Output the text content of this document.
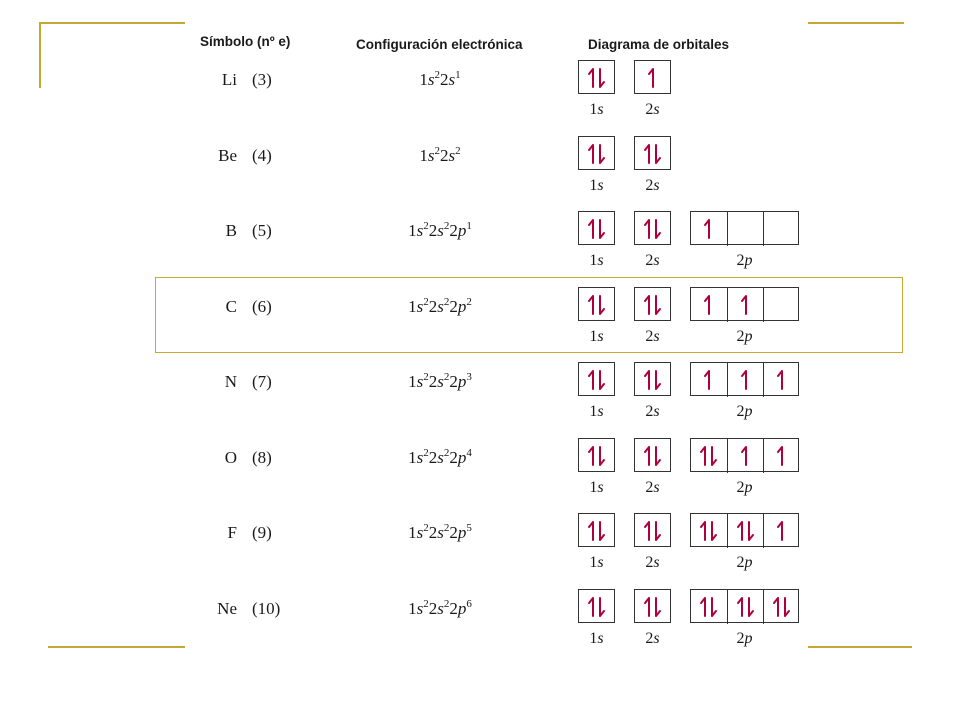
Símbolo (nº e)	Configuración electrónica	Diagrama de orbitales
Li (3)	$1s^22s^1$
1s	2s
Be (4)	$1s^22s^2$
1s	2s
B (5)	$1s^22s^22p^1$
1s	2s	2p
C (6)	$1s^22s^22p^2$
1s	2s	2p
N (7)	$1s^22s^22p^3$
1s	2s	2p
O (8)	$1s^22s^22p^4$
1s	2s	2p
F (9)	$1s^22s^22p^5$
1s	2s	2p
Ne (10)	$1s^22s^22p^6$
1s	2s	2p
